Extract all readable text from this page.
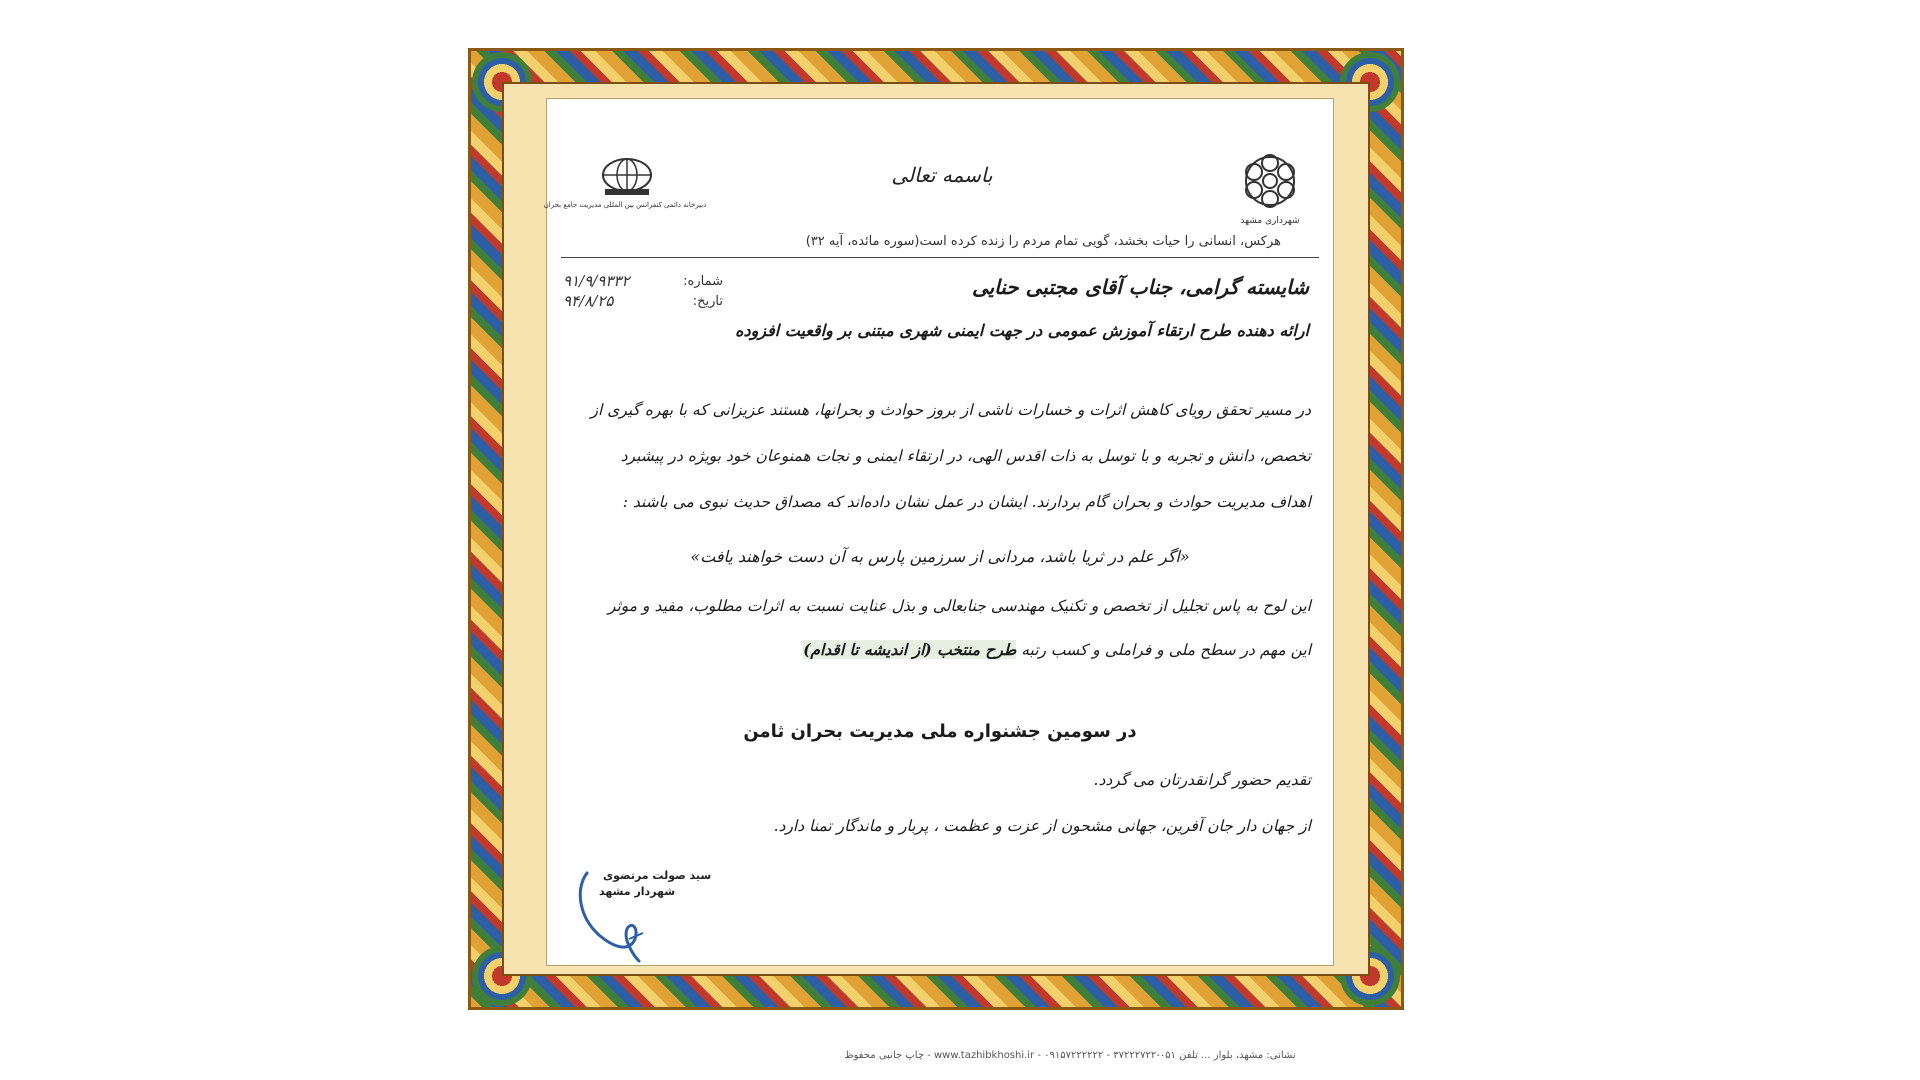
شهرداری مشهد
دبیرخانه دائمی کنفرانس بین المللی مدیریت جامع بحران
باسمه تعالی
هرکس، انسانی را حیات بخشد، گویی تمام مردم را زنده کرده است(سوره مائده، آیه ۳۲)
شماره:
۹۱/۹/۹۳۳۲
تاریخ:
۹۴/۸/۲۵
شایسته گرامی، جناب آقای مجتبی حنایی
ارائه دهنده طرح ارتقاء آموزش عمومی در جهت ایمنی شهری مبتنی بر واقعیت افزوده
در مسیر تحقق رویای کاهش اثرات و خسارات ناشی از بروز حوادث و بحرانها، هستند عزیزانی که با بهره گیری از
تخصص، دانش و تجربه و با توسل به ذات اقدس الهی، در ارتقاء ایمنی و نجات همنوعان خود بویژه در پیشبرد
اهداف مدیریت حوادث و بحران گام بردارند. ایشان در عمل نشان داده‌اند که مصداق حدیث نبوی می باشند :
«اگر علم در ثریا باشد، مردانی از سرزمین پارس به آن دست خواهند یافت»
این لوح به پاس تجلیل از تخصص و تکنیک مهندسی جنابعالی و بذل عنایت نسبت به اثرات مطلوب، مفید و موثر
این مهم در سطح ملی و فراملی و کسب رتبه طرح منتخب (از اندیشه تا اقدام)
در سومین جشنواره ملی مدیریت بحران ثامن
تقدیم حضور گرانقدرتان می گردد.
از جهان دار جان آفرین، جهانی مشحون از عزت و عظمت ، پربار و ماندگار تمنا دارد.
سید صولت مرتضوی
شهردار مشهد
نشانی: مشهد، بلوار ... تلفن ۰۵۱-۳۷۲۲۲۷۲۲ - ۰۹۱۵۷۲۲۲۲۲۲ - www.tazhibkhoshi.ir - چاپ جانبی محفوظ
